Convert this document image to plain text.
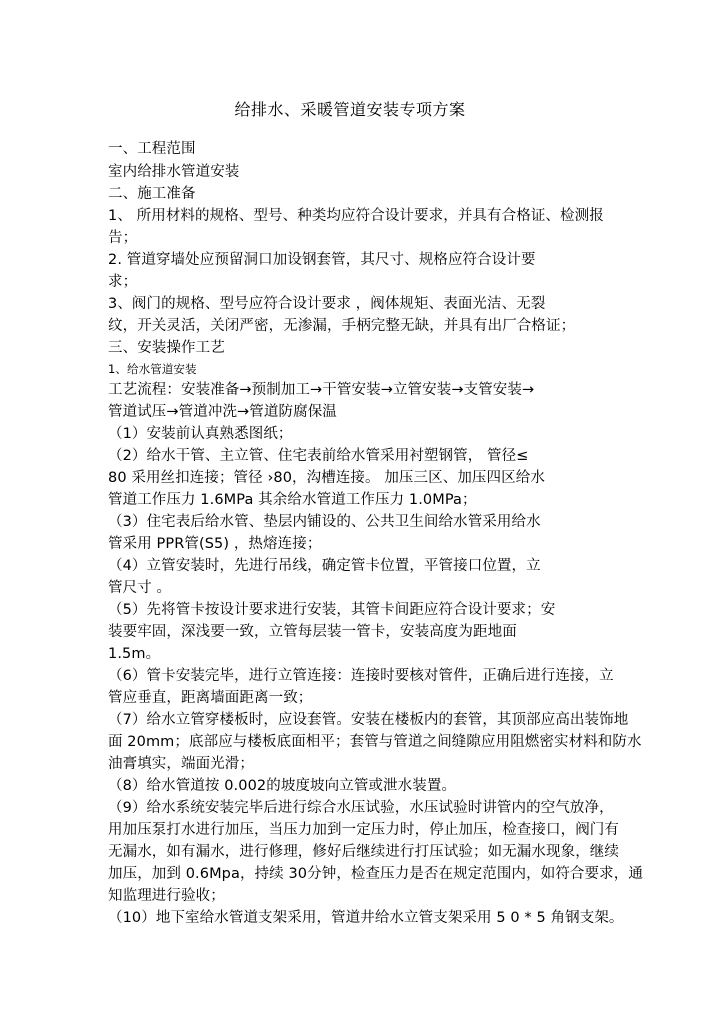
给排水、采暖管道安装专项方案
一、工程范围
室内给排水管道安装
二、施工准备
1、 所用材料的规格、型号、种类均应符合设计要求，并具有合格证、检测报
告；
2. 管道穿墙处应预留洞口加设钢套管，其尺寸、规格应符合设计要
求；
3、阀门的规格、型号应符合设计要求 ，阀体规矩、表面光洁、无裂
纹，开关灵活，关闭严密，无渗漏，手柄完整无缺，并具有出厂合格证；
三、安装操作工艺
1、给水管道安装
工艺流程：安装准备→预制加工→干管安装→立管安装→支管安装→
管道试压→管道冲洗→管道防腐保温
（1）安装前认真熟悉图纸；
（2）给水干管、主立管、住宅表前给水管采用衬塑钢管， 管径≤
80 采用丝扣连接；管径 ›80，沟槽连接。 加压三区、加压四区给水
管道工作压力 1.6MPa 其余给水管道工作压力 1.0MPa；
（3）住宅表后给水管、垫层内铺设的、公共卫生间给水管采用给水
管采用 PPR管(S5) ，热熔连接；
（4）立管安装时，先进行吊线，确定管卡位置，平管接口位置，立
管尺寸 。
（5）先将管卡按设计要求进行安装，其管卡间距应符合设计要求；安
装要牢固，深浅要一致，立管每层装一管卡，安装高度为距地面
1.5m。
（6）管卡安装完毕，进行立管连接：连接时要核对管件，正确后进行连接，立
管应垂直，距离墙面距离一致；
（7）给水立管穿楼板时，应设套管。安装在楼板内的套管，其顶部应高出装饰地
面 20mm；底部应与楼板底面相平；套管与管道之间缝隙应用阻燃密实材料和防水
油膏填实，端面光滑；
（8）给水管道按 0.002的坡度坡向立管或泄水装置。
（9）给水系统安装完毕后进行综合水压试验，水压试验时讲管内的空气放净，
用加压泵打水进行加压，当压力加到一定压力时，停止加压，检查接口，阀门有
无漏水，如有漏水，进行修理，修好后继续进行打压试验；如无漏水现象，继续
加压，加到 0.6Mpa，持续 30分钟，检查压力是否在规定范围内，如符合要求，通
知监理进行验收；
（10）地下室给水管道支架采用，管道井给水立管支架采用 5 0 * 5 角钢支架。
